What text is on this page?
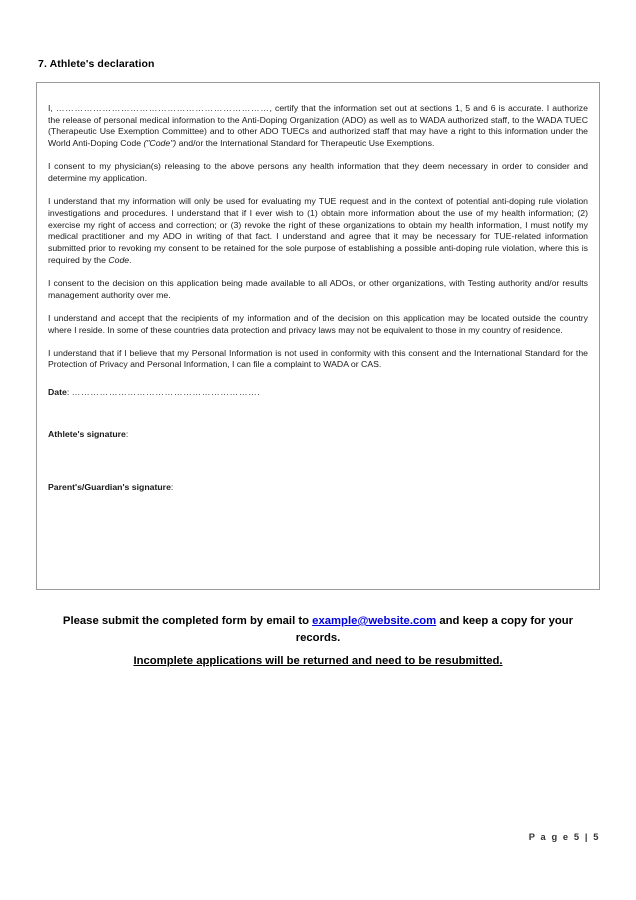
7. Athlete's declaration

I, ……………………………………………………………, certify that the information set out at sections 1, 5 and 6 is accurate. I authorize the release of personal medical information to the Anti-Doping Organization (ADO) as well as to WADA authorized staff, to the WADA TUEC (Therapeutic Use Exemption Committee) and to other ADO TUECs and authorized staff that may have a right to this information under the World Anti-Doping Code ("Code") and/or the International Standard for Therapeutic Use Exemptions.

I consent to my physician(s) releasing to the above persons any health information that they deem necessary in order to consider and determine my application.

I understand that my information will only be used for evaluating my TUE request and in the context of potential anti-doping rule violation investigations and procedures. I understand that if I ever wish to (1) obtain more information about the use of my health information; (2) exercise my right of access and correction; or (3) revoke the right of these organizations to obtain my health information, I must notify my medical practitioner and my ADO in writing of that fact. I understand and agree that it may be necessary for TUE-related information submitted prior to revoking my consent to be retained for the sole purpose of establishing a possible anti-doping rule violation, where this is required by the Code.

I consent to the decision on this application being made available to all ADOs, or other organizations, with Testing authority and/or results management authority over me.

I understand and accept that the recipients of my information and of the decision on this application may be located outside the country where I reside. In some of these countries data protection and privacy laws may not be equivalent to those in my country of residence.

I understand that if I believe that my Personal Information is not used in conformity with this consent and the International Standard for the Protection of Privacy and Personal Information, I can file a complaint to WADA or CAS.

Date: …………………………………………………….

Athlete's signature:

Parent's/Guardian's signature:

Please submit the completed form by email to example@website.com and keep a copy for your records.
Incomplete applications will be returned and need to be resubmitted.
P a g e 5 | 5
